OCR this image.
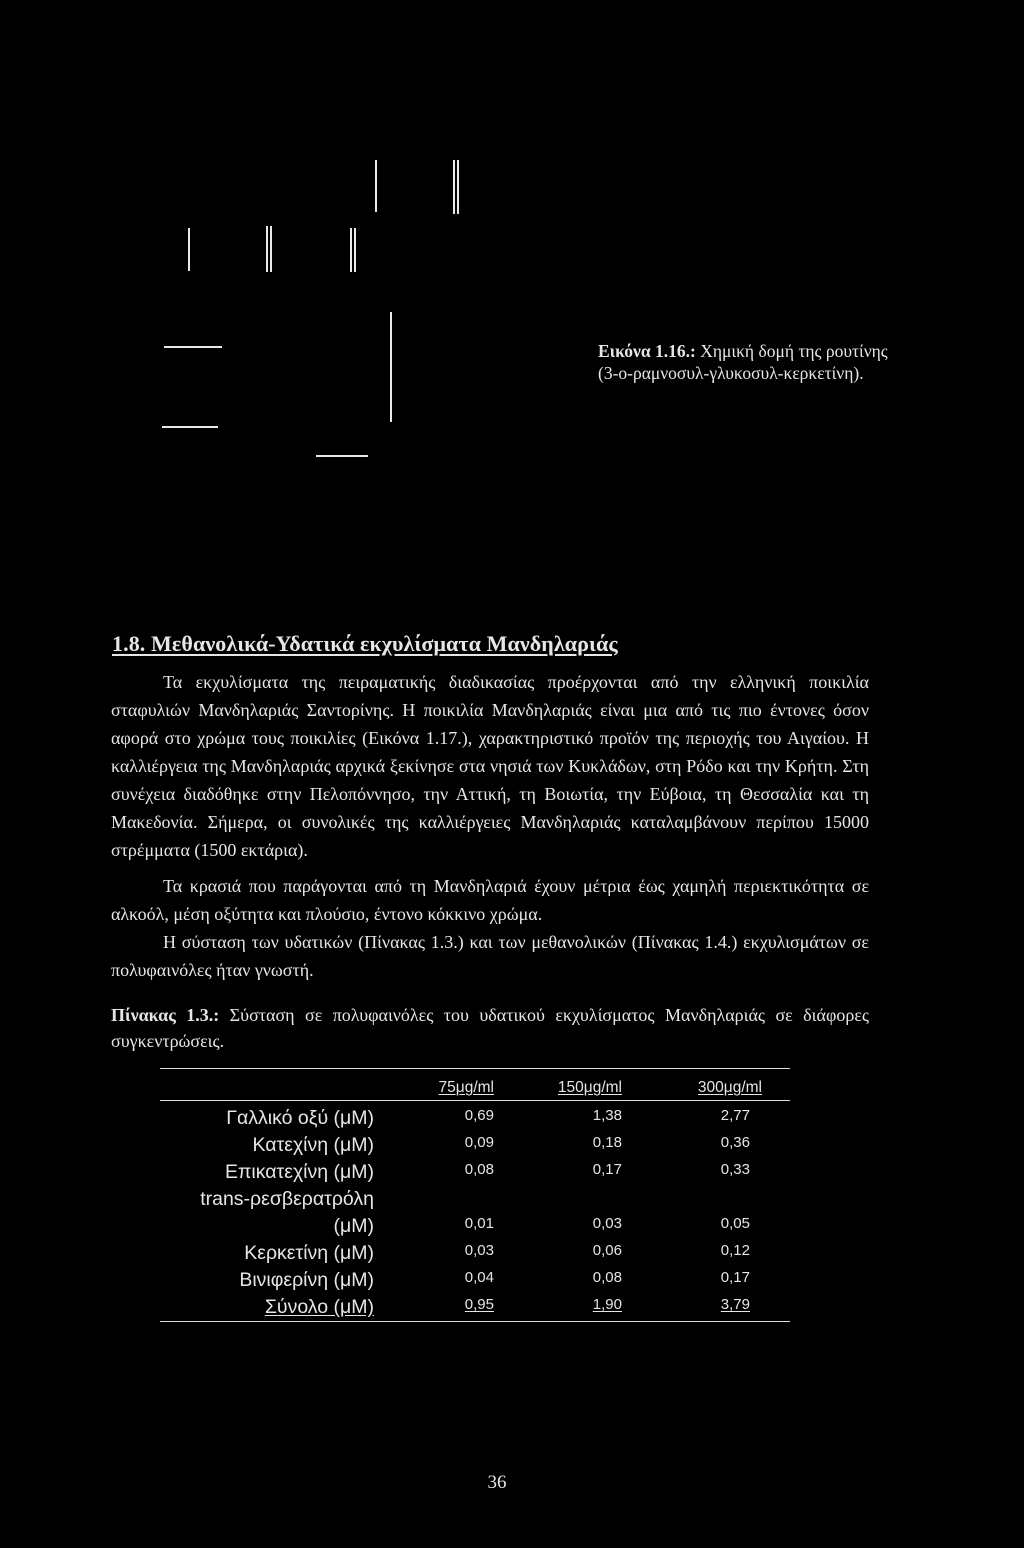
Εικόνα 1.16.: Χημική δομή της ρουτίνης (3-ο-ραμνοσυλ-γλυκοσυλ-κερκετίνη).
1.8. Μεθανολικά-Υδατικά εκχυλίσματα Μανδηλαριάς
Τα εκχυλίσματα της πειραματικής διαδικασίας προέρχονται από την ελληνική ποικιλία σταφυλιών Μανδηλαριάς Σαντορίνης. Η ποικιλία Μανδηλαριάς είναι μια από τις πιο έντονες όσον αφορά στο χρώμα τους ποικιλίες (Εικόνα 1.17.), χαρακτηριστικό προϊόν της περιοχής του Αιγαίου. Η καλλιέργεια της Μανδηλαριάς αρχικά ξεκίνησε στα νησιά των Κυκλάδων, στη Ρόδο και την Κρήτη. Στη συνέχεια διαδόθηκε στην Πελοπόννησο, την Αττική, τη Βοιωτία, την Εύβοια, τη Θεσσαλία και τη Μακεδονία. Σήμερα, οι συνολικές της καλλιέργειες Μανδηλαριάς καταλαμβάνουν περίπου 15000 στρέμματα (1500 εκτάρια).
Τα κρασιά που παράγονται από τη Μανδηλαριά έχουν μέτρια έως χαμηλή περιεκτικότητα σε αλκοόλ, μέση οξύτητα και πλούσιο, έντονο κόκκινο χρώμα.
Η σύσταση των υδατικών (Πίνακας 1.3.) και των μεθανολικών (Πίνακας 1.4.) εκχυλισμάτων σε πολυφαινόλες ήταν γνωστή.
Πίνακας 1.3.: Σύσταση σε πολυφαινόλες του υδατικού εκχυλίσματος Μανδηλαριάς σε διάφορες συγκεντρώσεις.
75μg/ml	150μg/ml	300μg/ml
Γαλλικό οξύ (μM)	0,69	1,38	2,77
Κατεχίνη (μM)	0,09	0,18	0,36
Επικατεχίνη (μM)	0,08	0,17	0,33
trans-ρεσβερατρόλη
(μM)	0,01	0,03	0,05
Κερκετίνη (μM)	0,03	0,06	0,12
Βινιφερίνη (μM)	0,04	0,08	0,17
Σύνολο (μM)	0,95	1,90	3,79
36
